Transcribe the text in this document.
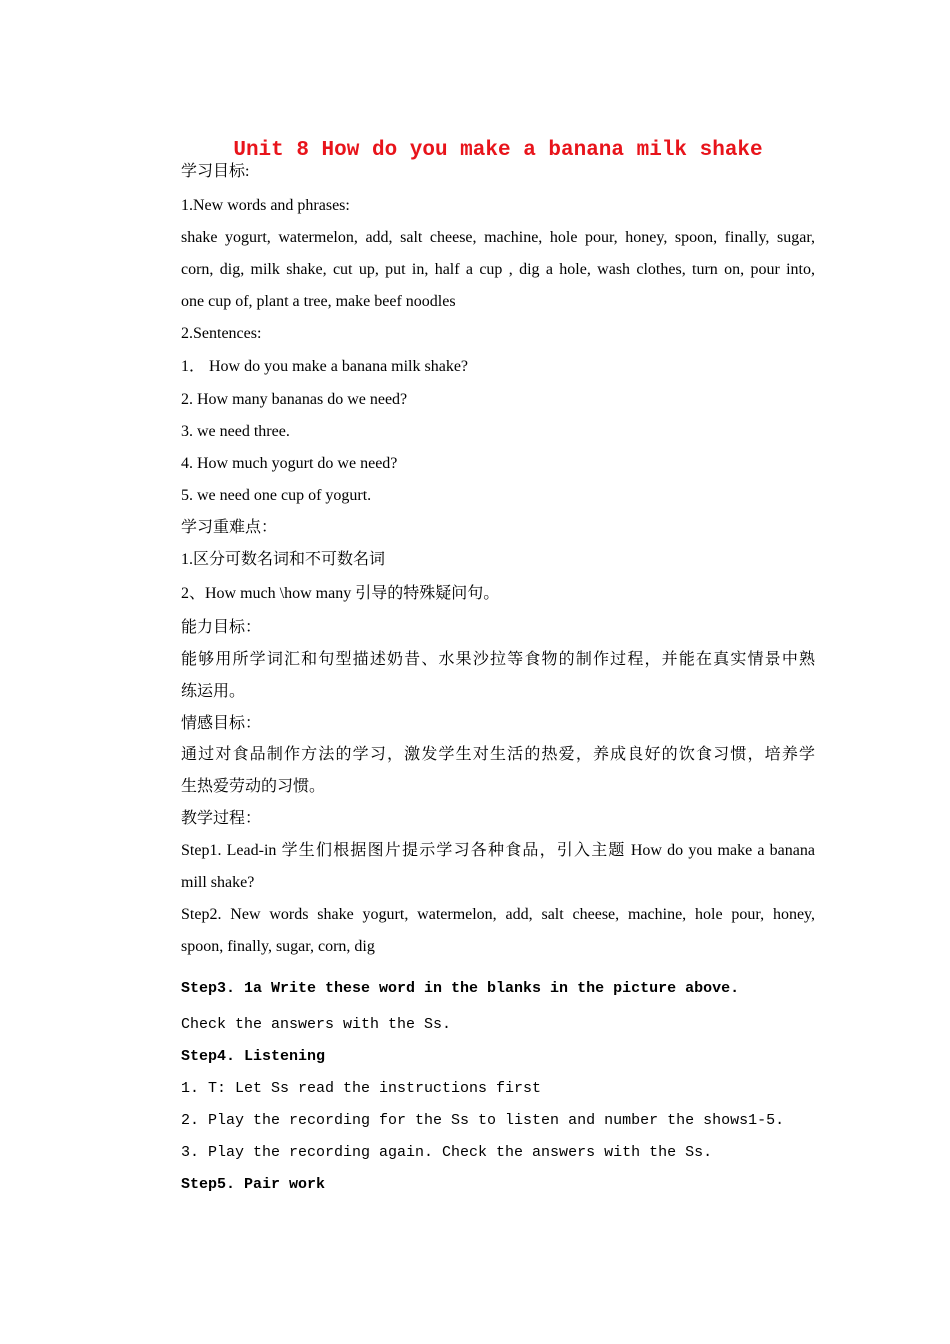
Unit 8 How do you make a banana milk shake
学习目标:
1.New words and phrases:
shake yogurt, watermelon, add, salt cheese, machine, hole pour, honey, spoon, finally, sugar,
corn, dig, milk shake, cut up, put in, half a cup , dig a hole, wash clothes, turn on, pour into,
one cup of, plant a tree, make beef noodles
2.Sentences:
1． How do you make a banana milk shake?
2. How many bananas do we need?
3. we need three.
4. How much yogurt do we need?
5. we need one cup of yogurt.
学习重难点：
1.区分可数名词和不可数名词
2、How much \how many 引导的特殊疑问句。
能力目标：
能够用所学词汇和句型描述奶昔、水果沙拉等食物的制作过程，并能在真实情景中熟
练运用。
情感目标：
通过对食品制作方法的学习，激发学生对生活的热爱，养成良好的饮食习惯，培养学
生热爱劳动的习惯。
教学过程：
Step1. Lead-in 学生们根据图片提示学习各种食品，引入主题 How do you make a banana
mill shake?
Step2. New words shake yogurt, watermelon, add, salt cheese, machine, hole pour, honey,
spoon, finally, sugar, corn, dig
Step3. 1a Write these word in the blanks in the picture above.
Check the answers with the Ss.
Step4. Listening
1. T: Let Ss read the instructions first
2. Play the recording for the Ss to listen and number the shows1-5.
3. Play the recording again. Check the answers with the Ss.
Step5. Pair work
